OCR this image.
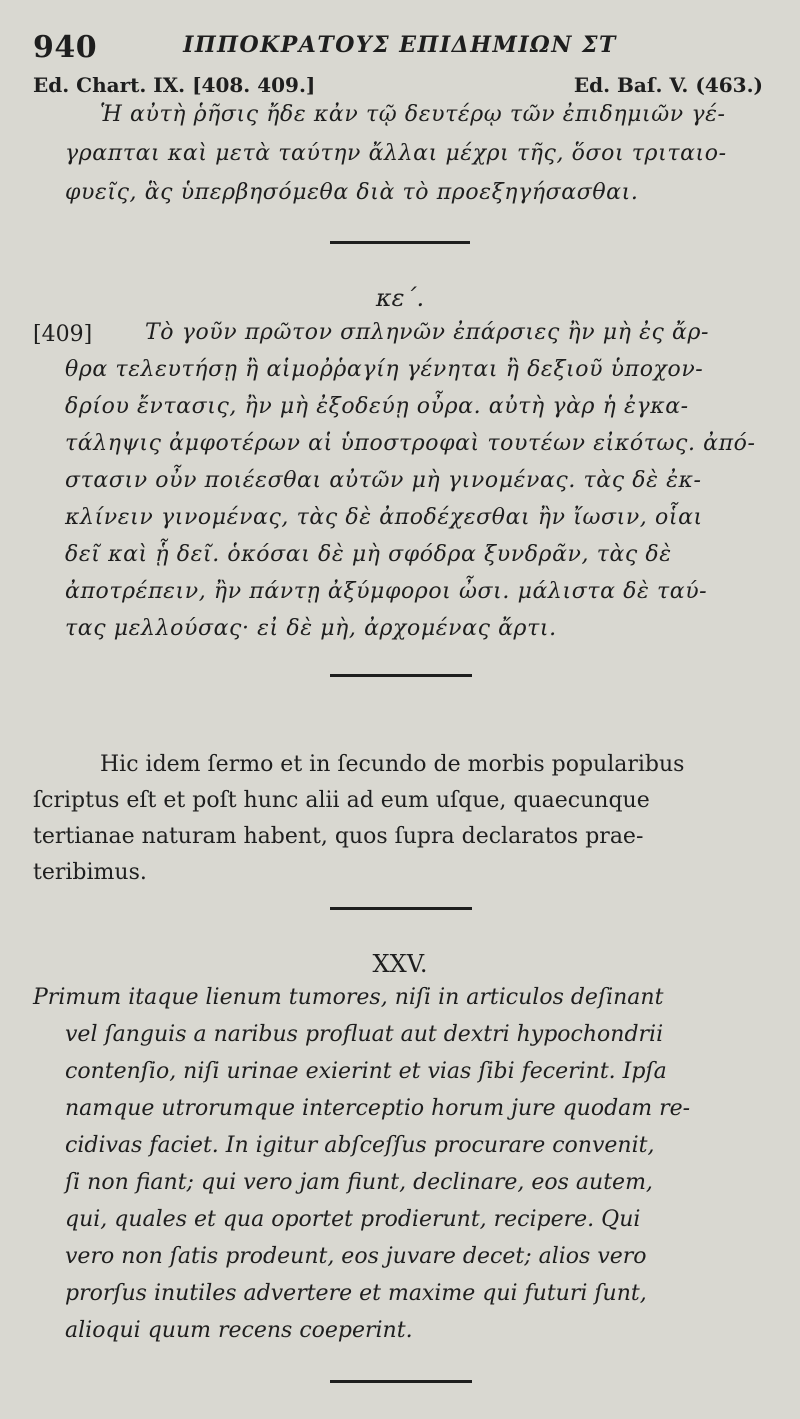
940	ΙΠΠΟΚΡΑΤΟΥΣ ΕΠΙΔΗΜΙΩΝ ΣΤ
Ed. Chart. IX. [408. 409.]	Ed. Baſ. V. (463.)
Ἡ αὐτὴ ῥῆσις ἤδε κἀν τῷ δευτέρῳ τῶν ἐπιδημιῶν γέ-
γραπται καὶ μετὰ ταύτην ἄλλαι μέχρι τῆς, ὅσοι τριταιο-
φυεῖς, ἃς ὑπερβησόμεθα διὰ τὸ προεξηγήσασθαι.
κε΄.
[409] Τὸ γοῦν πρῶτον σπληνῶν ἐπάρσιες ἢν μὴ ἐς ἄρ-
θρα τελευτήσῃ ἢ αἱμοῤῥαγίη γένηται ἢ δεξιοῦ ὑποχον-
δρίου ἔντασις, ἢν μὴ ἐξοδεύῃ οὖρα. αὐτὴ γὰρ ἡ ἐγκα-
τάληψις ἀμφοτέρων αἱ ὑποστροφαὶ τουτέων εἰκότως. ἀπό-
στασιν οὖν ποιέεσθαι αὐτῶν μὴ γινομένας. τὰς δὲ ἐκ-
κλίνειν γινομένας, τὰς δὲ ἀποδέχεσθαι ἢν ἴωσιν, οἷαι
δεῖ καὶ ᾗ δεῖ. ὁκόσαι δὲ μὴ σφόδρα ξυνδρᾶν, τὰς δὲ
ἀποτρέπειν, ἢν πάντῃ ἀξύμφοροι ὦσι. μάλιστα δὲ ταύ-
τας μελλούσας· εἰ δὲ μὴ, ἀρχομένας ἄρτι.
Hic idem ſermo et in ſecundo de morbis popularibus
ſcriptus eſt et poſt hunc alii ad eum uſque, quaecunque
tertianae naturam habent, quos ſupra declaratos prae-
teribimus.
XXV.
Primum itaque lienum tumores, niſi in articulos deſinant
vel ſanguis a naribus profluat aut dextri hypochondrii
contenſio, niſi urinae exierint et vias ſibi fecerint. Ipſa
namque utrorumque interceptio horum jure quodam re-
cidivas faciet. In igitur abſceſſus procurare convenit,
ſi non fiant; qui vero jam fiunt, declinare, eos autem,
qui, quales et qua oportet prodierunt, recipere. Qui
vero non ſatis prodeunt, eos juvare decet; alios vero
prorſus inutiles advertere et maxime qui futuri ſunt,
alioqui quum recens coeperint.
